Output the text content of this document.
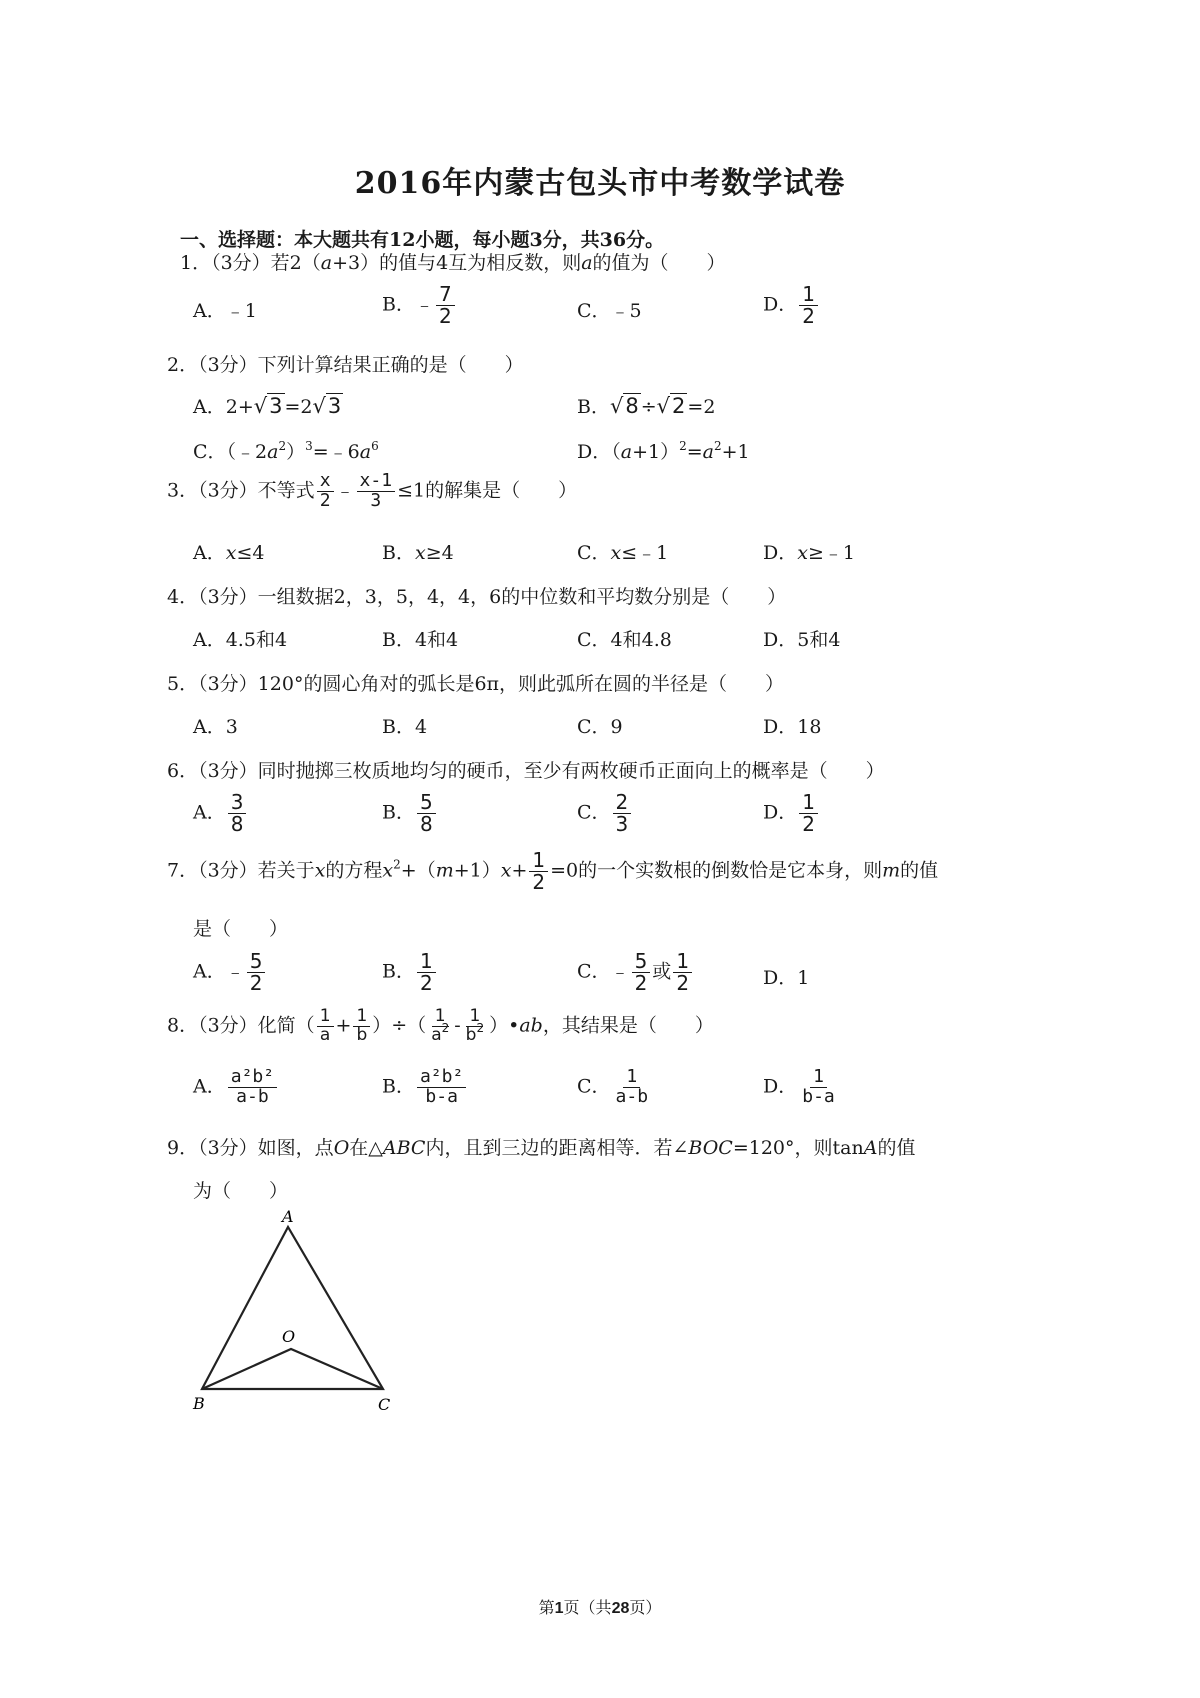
2016年内蒙古包头市中考数学试卷
一、选择题：本大题共有12小题，每小题3分，共36分。
1．（3分）若2（a+3）的值与4互为相反数，则a的值为（　　）
A．﹣1	B．﹣ $\frac{7}{2}$	C．﹣5	D． $\frac{1}{2}$
2．（3分）下列计算结果正确的是（　　）
A．2+√3 =2√3	B．√8 ÷√2 =2
C．$(﹣2a^2)^3=﹣6a^6$	D．$(a+1)^2=a^2+1$
3．（3分）不等式 $\frac{x}{2}$ ﹣ $\frac{x-1}{3} \le 1$的解集是（　　）
A．x≤4	B．x≥4	C．x≤﹣1	D．x≥﹣1
4．（3分）一组数据2，3，5，4，4，6的中位数和平均数分别是（　　）
A．4.5和4	B．4和4	C．4和4.8	D．5和4
5．（3分）120°的圆心角对的弧长是6π，则此弧所在圆的半径是（　　）
A．3	B．4	C．9	D．18
6．（3分）同时抛掷三枚质地均匀的硬币，至少有两枚硬币正面向上的概率是（　　）
A． $\frac{3}{8}$	B． $\frac{5}{8}$	C． $\frac{2}{3}$	D． $\frac{1}{2}$
7．（3分）若关于x的方程$x^2+(m+1)x+ \frac{1}{2} =0$的一个实数根的倒数恰是它本身，则m的值
是（　　）
A．﹣ $\frac{5}{2}$	B． $\frac{1}{2}$	C．﹣ $\frac{5}{2}$ 或 $\frac{1}{2}$	D．1
8．（3分）化简（ $\frac{1}{a} + \frac{1}{b}$ ）÷（ $\frac{1}{a^2} - \frac{1}{b^2}$ ）•ab，其结果是（　　）
A． $\frac{\text{a²b²}}{a-b}$	B． $\frac{\text{a²b²}}{b-a}$	C． $\frac{1}{a-b}$	D． $\frac{1}{b-a}$
9．（3分）如图，点O在△ABC内，且到三边的距离相等．若∠BOC=120°，则tanA的值
为（　　）
A
B	C
O
第1页（共28页）
